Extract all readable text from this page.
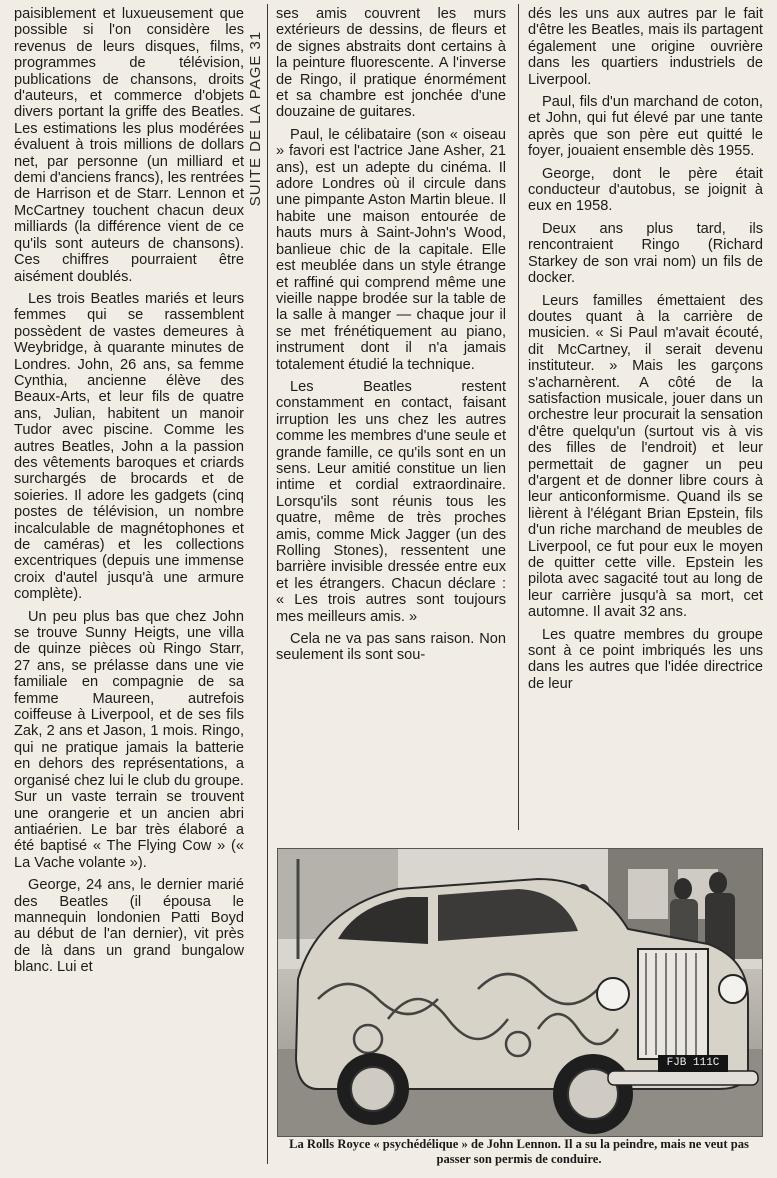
SUITE DE LA PAGE 31

paisiblement et luxueusement que possible si l'on considère les revenus de leurs disques, films, programmes de télévision, publications de chansons, droits d'auteurs, et commerce d'objets divers portant la griffe des Beatles. Les estimations les plus modérées évaluent à trois millions de dollars net, par personne (un milliard et demi d'anciens francs), les rentrées de Harrison et de Starr. Lennon et McCartney touchent chacun deux milliards (la différence vient de ce qu'ils sont auteurs de chansons). Ces chiffres pourraient être aisément doublés.

Les trois Beatles mariés et leurs femmes qui se rassemblent possèdent de vastes demeures à Weybridge, à quarante minutes de Londres. John, 26 ans, sa femme Cynthia, ancienne élève des Beaux-Arts, et leur fils de quatre ans, Julian, habitent un manoir Tudor avec piscine. Comme les autres Beatles, John a la passion des vêtements baroques et criards surchargés de brocards et de soieries. Il adore les gadgets (cinq postes de télévision, un nombre incalculable de magnétophones et de caméras) et les collections excentriques (depuis une immense croix d'autel jusqu'à une armure complète).

Un peu plus bas que chez John se trouve Sunny Heigts, une villa de quinze pièces où Ringo Starr, 27 ans, se prélasse dans une vie familiale en compagnie de sa femme Maureen, autrefois coiffeuse à Liverpool, et de ses fils Zak, 2 ans et Jason, 1 mois. Ringo, qui ne pratique jamais la batterie en dehors des représentations, a organisé chez lui le club du groupe. Sur un vaste terrain se trouvent une orangerie et un ancien abri antiaérien. Le bar très élaboré a été baptisé « The Flying Cow » (« La Vache volante »).

George, 24 ans, le dernier marié des Beatles (il épousa le mannequin londonien Patti Boyd au début de l'an dernier), vit près de là dans un grand bungalow blanc. Lui et

ses amis couvrent les murs extérieurs de dessins, de fleurs et de signes abstraits dont certains à la peinture fluorescente. A l'inverse de Ringo, il pratique énormément et sa chambre est jonchée d'une douzaine de guitares.

Paul, le célibataire (son « oiseau » favori est l'actrice Jane Asher, 21 ans), est un adepte du cinéma. Il adore Londres où il circule dans une pimpante Aston Martin bleue. Il habite une maison entourée de hauts murs à Saint-John's Wood, banlieue chic de la capitale. Elle est meublée dans un style étrange et raffiné qui comprend même une vieille nappe brodée sur la table de la salle à manger — chaque jour il se met frénétiquement au piano, instrument dont il n'a jamais totalement étudié la technique.

Les Beatles restent constamment en contact, faisant irruption les uns chez les autres comme les membres d'une seule et grande famille, ce qu'ils sont en un sens. Leur amitié constitue un lien intime et cordial extraordinaire. Lorsqu'ils sont réunis tous les quatre, même de très proches amis, comme Mick Jagger (un des Rolling Stones), ressentent une barrière invisible dressée entre eux et les étrangers. Chacun déclare : « Les trois autres sont toujours mes meilleurs amis. »

Cela ne va pas sans raison. Non seulement ils sont sou-

dés les uns aux autres par le fait d'être les Beatles, mais ils partagent également une origine ouvrière dans les quartiers industriels de Liverpool.

Paul, fils d'un marchand de coton, et John, qui fut élevé par une tante après que son père eut quitté le foyer, jouaient ensemble dès 1955.

George, dont le père était conducteur d'autobus, se joignit à eux en 1958.

Deux ans plus tard, ils rencontraient Ringo (Richard Starkey de son vrai nom) un fils de docker.

Leurs familles émettaient des doutes quant à la carrière de musicien. « Si Paul m'avait écouté, dit McCartney, il serait devenu instituteur. » Mais les garçons s'acharnèrent. A côté de la satisfaction musicale, jouer dans un orchestre leur procurait la sensation d'être quelqu'un (surtout vis à vis des filles de l'endroit) et leur permettait de gagner un peu d'argent et de donner libre cours à leur anticonformisme. Quand ils se lièrent à l'élégant Brian Epstein, fils d'un riche marchand de meubles de Liverpool, ce fut pour eux le moyen de quitter cette ville. Epstein les pilota avec sagacité tout au long de leur carrière jusqu'à sa mort, cet automne. Il avait 32 ans.

Les quatre membres du groupe sont à ce point imbriqués les uns dans les autres que l'idée directrice de leur

FJB 111C
La Rolls Royce « psychédélique » de John Lennon. Il a su la peindre, mais ne veut pas passer son permis de conduire.
